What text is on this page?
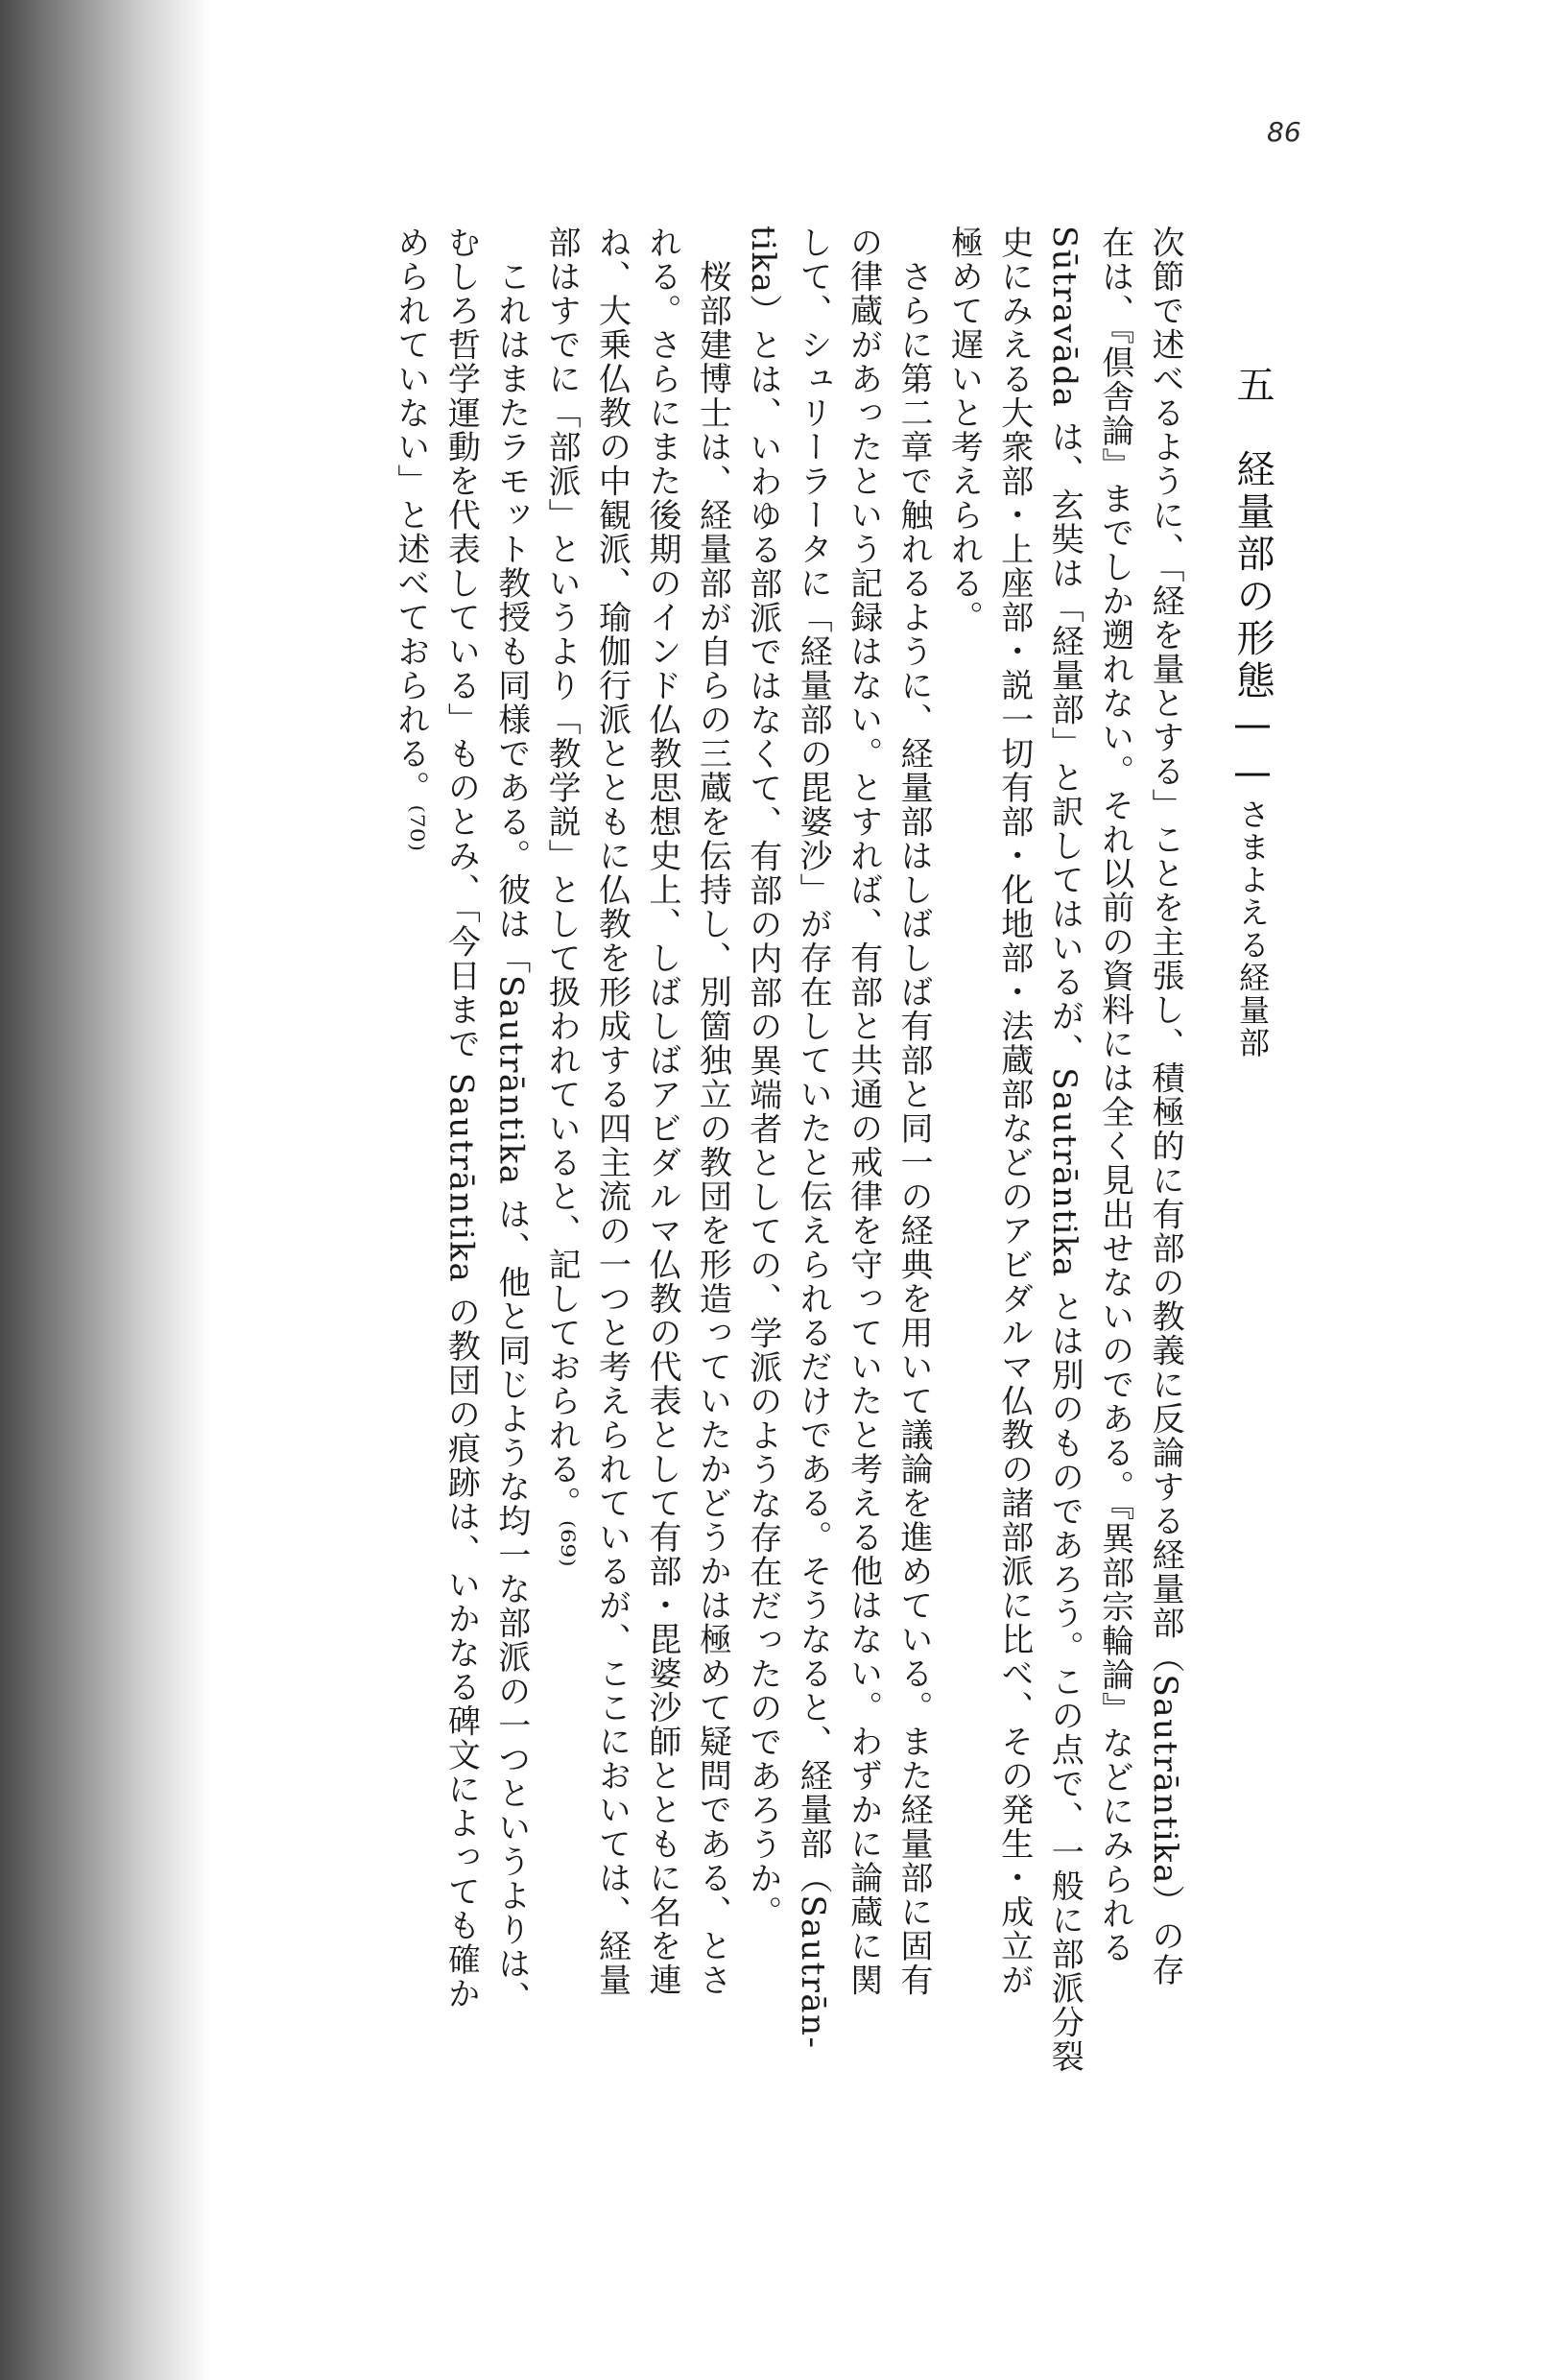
86
五　経量部の形態——さまよえる経量部
次節で述べるように、「経を量とする」ことを主張し、積極的に有部の教義に反論する経量部（Sautrāntika）の存
在は、『倶舎論』までしか遡れない。それ以前の資料には全く見出せないのである。『異部宗輪論』などにみられる
Sūtravāda は、玄奘は「経量部」と訳してはいるが、Sautrāntika とは別のものであろう。この点で、一般に部派分裂
史にみえる大衆部・上座部・説一切有部・化地部・法蔵部などのアビダルマ仏教の諸部派に比べ、その発生・成立が
極めて遅いと考えられる。
　さらに第二章で触れるように、経量部はしばしば有部と同一の経典を用いて議論を進めている。また経量部に固有
の律蔵があったという記録はない。とすれば、有部と共通の戒律を守っていたと考える他はない。わずかに論蔵に関
して、シュリーラータに「経量部の毘婆沙」が存在していたと伝えられるだけである。そうなると、経量部（Sautrān-
tika）とは、いわゆる部派ではなくて、有部の内部の異端者としての、学派のような存在だったのであろうか。
　桜部建博士は、経量部が自らの三蔵を伝持し、別箇独立の教団を形造っていたかどうかは極めて疑問である、とさ
れる。さらにまた後期のインド仏教思想史上、しばしばアビダルマ仏教の代表として有部・毘婆沙師とともに名を連
ね、大乗仏教の中観派、瑜伽行派とともに仏教を形成する四主流の一つと考えられているが、ここにおいては、経量
部はすでに「部派」というより「教学説」として扱われていると、記しておられる。⁽⁶⁹⁾
　これはまたラモット教授も同様である。彼は「Sautrāntika は、他と同じような均一な部派の一つというよりは、
むしろ哲学運動を代表している」ものとみ、「今日まで Sautrāntika の教団の痕跡は、いかなる碑文によっても確か
められていない」と述べておられる。⁽⁷⁰⁾
